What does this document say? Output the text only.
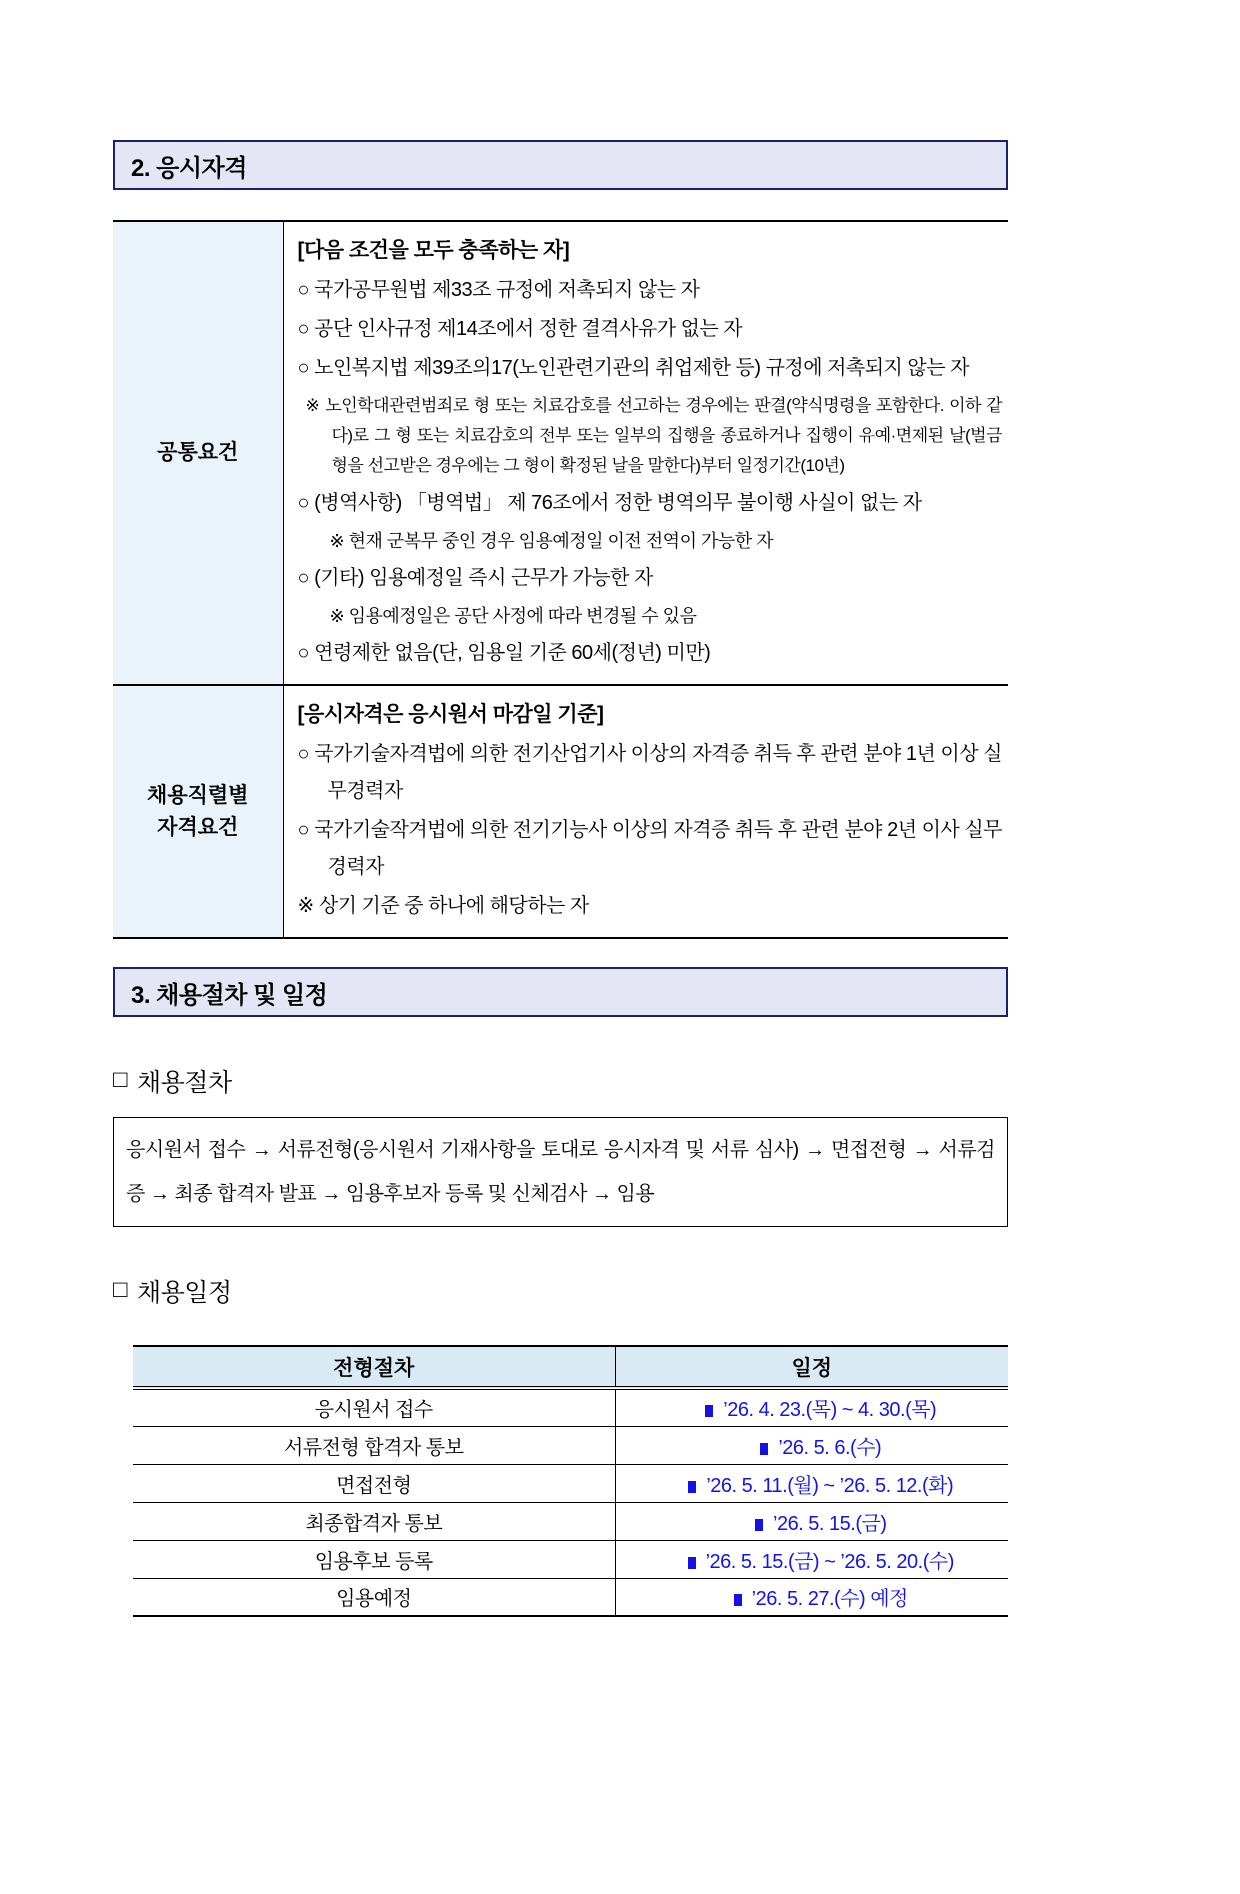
2. 응시자격
공통요건	

[다음 조건을 모두 충족하는 자]

○ 국가공무원법 제33조 규정에 저촉되지 않는 자

○ 공단 인사규정 제14조에서 정한 결격사유가 없는 자

○ 노인복지법 제39조의17(노인관련기관의 취업제한 등) 규정에 저촉되지 않는 자

※ 노인학대관련범죄로 형 또는 치료감호를 선고하는 경우에는 판결(약식명령을 포함한다. 이하 같다)로 그 형 또는 치료감호의 전부 또는 일부의 집행을 종료하거나 집행이 유예·면제된 날(벌금형을 선고받은 경우에는 그 형이 확정된 날을 말한다)부터 일정기간(10년)

○ (병역사항) 「병역법」 제 76조에서 정한 병역의무 불이행 사실이 없는 자

※ 현재 군복무 중인 경우 임용예정일 이전 전역이 가능한 자

○ (기타) 임용예정일 즉시 근무가 가능한 자

※ 임용예정일은 공단 사정에 따라 변경될 수 있음

○ 연령제한 없음(단, 임용일 기준 60세(정년) 미만)

채용직렬별
자격요건

[응시자격은 응시원서 마감일 기준]

○ 국가기술자격법에 의한 전기산업기사 이상의 자격증 취득 후 관련 분야 1년 이상 실무경력자

○ 국가기술작겨법에 의한 전기기능사 이상의 자격증 취득 후 관련 분야 2년 이사 실무경력자

※ 상기 기준 중 하나에 해당하는 자

3. 채용절차 및 일정
□ 채용절차
응시원서 접수 → 서류전형(응시원서 기재사항을 토대로 응시자격 및 서류 심사) → 면접전형 → 서류검증 → 최종 합격자 발표 → 임용후보자 등록 및 신체검사 → 임용
□ 채용일정
전형절차	일정
응시원서 접수	’26. 4. 23.(목) ~ 4. 30.(목)
서류전형 합격자 통보	’26. 5. 6.(수)
면접전형	’26. 5. 11.(월) ~ ’26. 5. 12.(화)
최종합격자 통보	’26. 5. 15.(금)
임용후보 등록	’26. 5. 15.(금) ~ ’26. 5. 20.(수)
임용예정	’26. 5. 27.(수) 예정
